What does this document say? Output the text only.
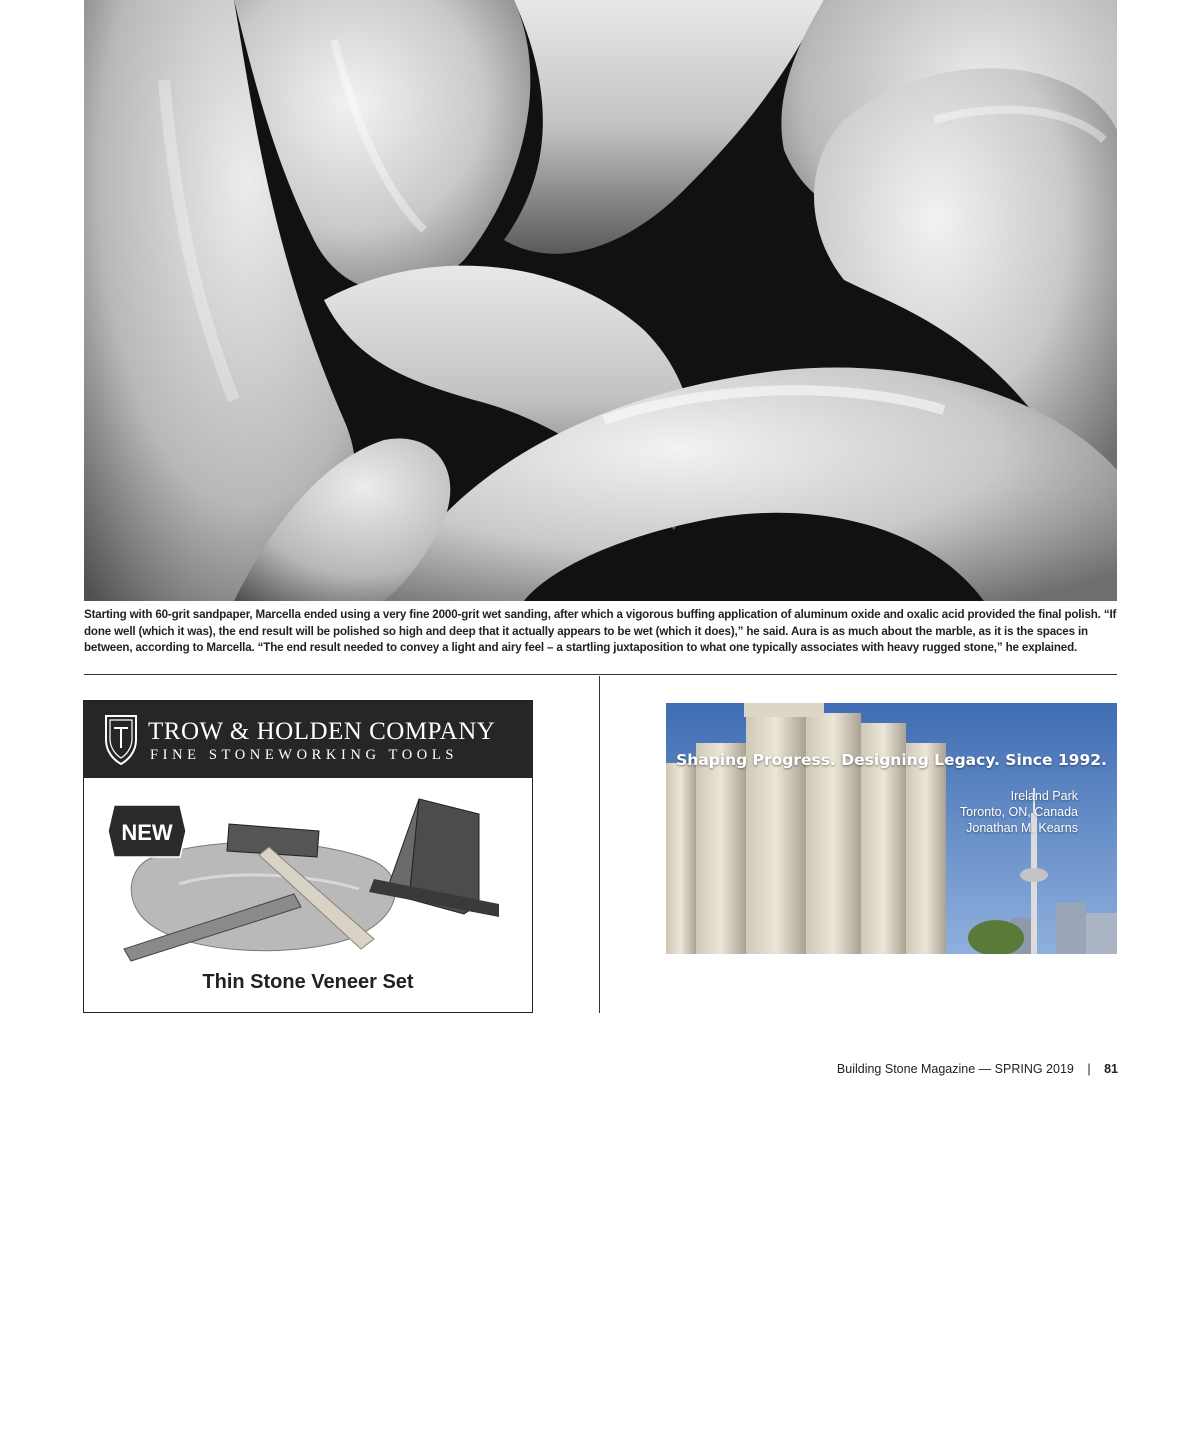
Starting with 60-grit sandpaper, Marcella ended using a very fine 2000-grit wet sanding, after which a vigorous buffing application of aluminum oxide and oxalic acid provided the final polish. “If done well (which it was), the end result will be polished so high and deep that it actually appears to be wet (which it does),” he said. Aura is as much about the marble, as it is the spaces in between, according to Marcella. “The end result needed to convey a light and airy feel – a startling juxtaposition to what one typically associates with heavy rugged stone,” he explained.

TROW & HOLDEN COMPANY
FINE STONEWORKING TOOLS
NEW
Thin Stone Veneer Set
Shaping Progress. Designing Legacy. Since 1992.
Ireland Park
Toronto, ON, Canada
Jonathan M. Kearns
Building Stone Magazine — SPRING 2019 | 81
